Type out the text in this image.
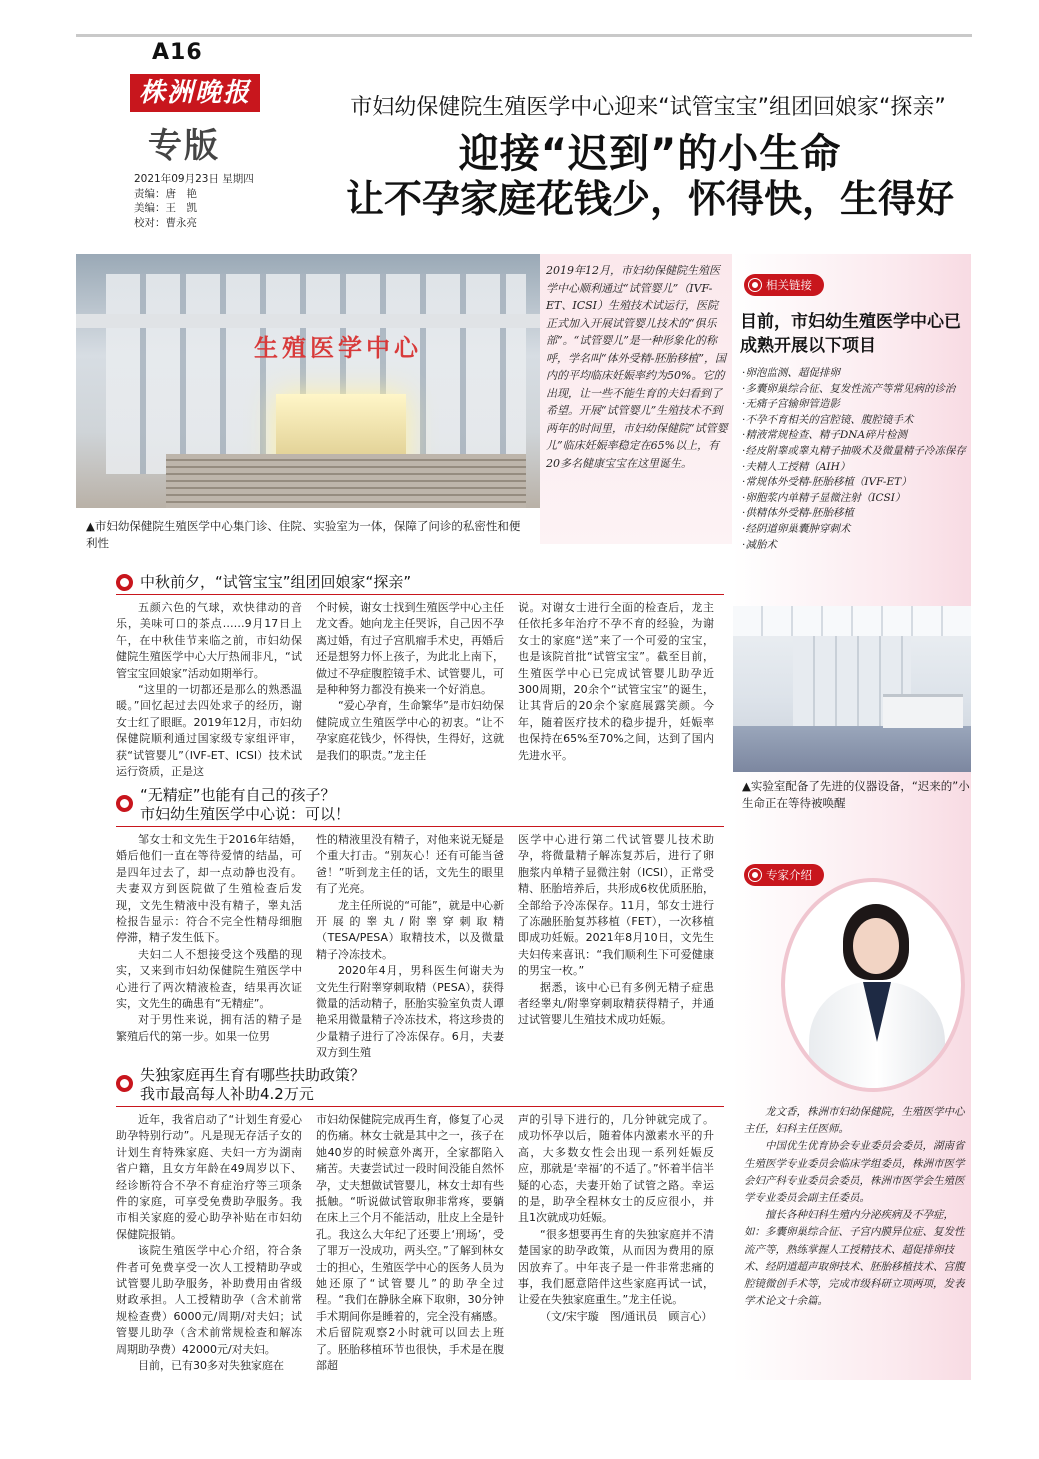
A16
株洲晚报
专版
2021年09月23日 星期四
责编：唐　艳
美编：王　凯
校对：曹永亮
市妇幼保健院生殖医学中心迎来“试管宝宝”组团回娘家“探亲”
迎接“迟到”的小生命
让不孕家庭花钱少，怀得快，生得好
生殖医学中心
▲市妇幼保健院生殖医学中心集门诊、住院、实验室为一体，保障了问诊的私密性和便利性
2019年12月，市妇幼保健院生殖医学中心顺利通过“试管婴儿”（IVF-ET、ICSI）生殖技术试运行，医院正式加入开展试管婴儿技术的“俱乐部”。“试管婴儿”是一种形象化的称呼，学名叫“体外受精-胚胎移植”，国内的平均临床妊娠率约为50%。它的出现，让一些不能生育的夫妇看到了希望。开展“试管婴儿”生殖技术不到两年的时间里，市妇幼保健院“试管婴儿”临床妊娠率稳定在65%以上，有20多名健康宝宝在这里诞生。
相关链接
目前，市妇幼生殖医学中心已成熟开展以下项目
·卵泡监测、超促排卵
·多囊卵巢综合征、复发性流产等常见病的诊治
·无痛子宫输卵管造影
·不孕不育相关的宫腔镜、腹腔镜手术
·精液常规检查、精子DNA碎片检测
·经皮附睾或睾丸精子抽吸术及微量精子冷冻保存
·夫精人工授精（AIH）
·常规体外受精-胚胎移植（IVF-ET）
·卵胞浆内单精子显微注射（ICSI）
·供精体外受精-胚胎移植
·经阴道卵巢囊肿穿刺术
·减胎术
▲实验室配备了先进的仪器设备，“迟来的”小生命正在等待被唤醒
专家介绍

龙文香，株洲市妇幼保健院，生殖医学中心主任，妇科主任医师。

中国优生优育协会专业委员会委员，湖南省生殖医学专业委员会临床学组委员，株洲市医学会妇产科专业委员会委员，株洲市医学会生殖医学专业委员会副主任委员。

擅长各种妇科生殖内分泌疾病及不孕症，如：多囊卵巢综合征、子宫内膜异位症、复发性流产等，熟练掌握人工授精技术、超促排卵技术、经阴道超声取卵技术、胚胎移植技术、宫腹腔镜微创手术等，完成市级科研立项两项，发表学术论文十余篇。

中秋前夕，“试管宝宝”组团回娘家“探亲”

五颜六色的气球，欢快律动的音乐，美味可口的茶点……9月17日上午，在中秋佳节来临之前，市妇幼保健院生殖医学中心大厅热闹非凡，“试管宝宝回娘家”活动如期举行。

“这里的一切都还是那么的熟悉温暖。”回忆起过去四处求子的经历，谢女士红了眼眶。2019年12月，市妇幼保健院顺利通过国家级专家组评审，获“试管婴儿”（IVF-ET、ICSI）技术试运行资质，正是这

个时候，谢女士找到生殖医学中心主任龙文香。她向龙主任哭诉，自己因不孕离过婚，有过子宫肌瘤手术史，再婚后还是想努力怀上孩子，为此北上南下，做过不孕症腹腔镜手术、试管婴儿，可是种种努力都没有换来一个好消息。

“爱心孕育，生命繁华”是市妇幼保健院成立生殖医学中心的初衷。“让不孕家庭花钱少，怀得快，生得好，这就是我们的职责。”龙主任

说。对谢女士进行全面的检查后，龙主任依托多年治疗不孕不育的经验，为谢女士的家庭“送”来了一个可爱的宝宝，也是该院首批“试管宝宝”。截至目前，生殖医学中心已完成试管婴儿助孕近300周期，20余个“试管宝宝”的诞生，让其背后的20余个家庭展露笑颜。今年，随着医疗技术的稳步提升，妊娠率也保持在65%至70%之间，达到了国内先进水平。

“无精症”也能有自己的孩子？
市妇幼生殖医学中心说：可以！

邹女士和文先生于2016年结婚，婚后他们一直在等待爱情的结晶，可是四年过去了，却一点动静也没有。夫妻双方到医院做了生殖检查后发现，文先生精液中没有精子，睾丸活检报告显示：符合不完全性精母细胞停滞，精子发生低下。

夫妇二人不想接受这个残酷的现实，又来到市妇幼保健院生殖医学中心进行了两次精液检查，结果再次证实，文先生的确患有“无精症”。

对于男性来说，拥有活的精子是繁殖后代的第一步。如果一位男

性的精液里没有精子，对他来说无疑是个重大打击。“别灰心！还有可能当爸爸！”听到龙主任的话，文先生的眼里有了光亮。

龙主任所说的“可能”，就是中心新开展的睾丸/附睾穿刺取精（TESA/PESA）取精技术，以及微量精子冷冻技术。

2020年4月，男科医生何谢夫为文先生行附睾穿刺取精（PESA），获得微量的活动精子，胚胎实验室负责人谭艳采用微量精子冷冻技术，将这珍贵的少量精子进行了冷冻保存。6月，夫妻双方到生殖

医学中心进行第二代试管婴儿技术助孕，将微量精子解冻复苏后，进行了卵胞浆内单精子显微注射（ICSI），正常受精、胚胎培养后，共形成6枚优质胚胎，全部给予冷冻保存。11月，邹女士进行了冻融胚胎复苏移植（FET），一次移植即成功妊娠。2021年8月10日，文先生夫妇传来喜讯：“我们顺利生下可爱健康的男宝一枚。”

据悉，该中心已有多例无精子症患者经睾丸/附睾穿刺取精获得精子，并通过试管婴儿生殖技术成功妊娠。

失独家庭再生育有哪些扶助政策？
我市最高每人补助4.2万元

近年，我省启动了“计划生育爱心助孕特别行动”。凡是现无存活子女的计划生育特殊家庭、夫妇一方为湖南省户籍，且女方年龄在49周岁以下、经诊断符合不孕不育症治疗等三项条件的家庭，可享受免费助孕服务。我市相关家庭的爱心助孕补贴在市妇幼保健院报销。

该院生殖医学中心介绍，符合条件者可免费享受一次人工授精助孕或试管婴儿助孕服务，补助费用由省级财政承担。人工授精助孕（含术前常规检查费）6000元/周期/对夫妇；试管婴儿助孕（含术前常规检查和解冻周期助孕费）42000元/对夫妇。

目前，已有30多对失独家庭在

市妇幼保健院完成再生育，修复了心灵的伤痛。林女士就是其中之一，孩子在她40岁的时候意外离开，全家都陷入痛苦。夫妻尝试过一段时间没能自然怀孕，丈夫想做试管婴儿，林女士却有些抵触。“听说做试管取卵非常疼，要躺在床上三个月不能活动，肚皮上全是针孔。我这么大年纪了还要上‘刑场’，受了罪万一没成功，两头空。”了解到林女士的担心，生殖医学中心的医务人员为她还原了“试管婴儿”的助孕全过程。“我们在静脉全麻下取卵，30分钟手术期间你是睡着的，完全没有痛感。术后留院观察2小时就可以回去上班了。胚胎移植环节也很快，手术是在腹部超

声的引导下进行的，几分钟就完成了。成功怀孕以后，随着体内激素水平的升高，大多数女性会出现一系列妊娠反应，那就是‘幸福’的不适了。”怀着半信半疑的心态，夫妻开始了试管之路。幸运的是，助孕全程林女士的反应很小，并且1次就成功妊娠。

“很多想要再生育的失独家庭并不清楚国家的助孕政策，从而因为费用的原因放弃了。中年丧子是一件非常悲痛的事，我们愿意陪伴这些家庭再试一试，让爱在失独家庭重生。”龙主任说。

（文/宋宇璇　图/通讯员　顾言心）
